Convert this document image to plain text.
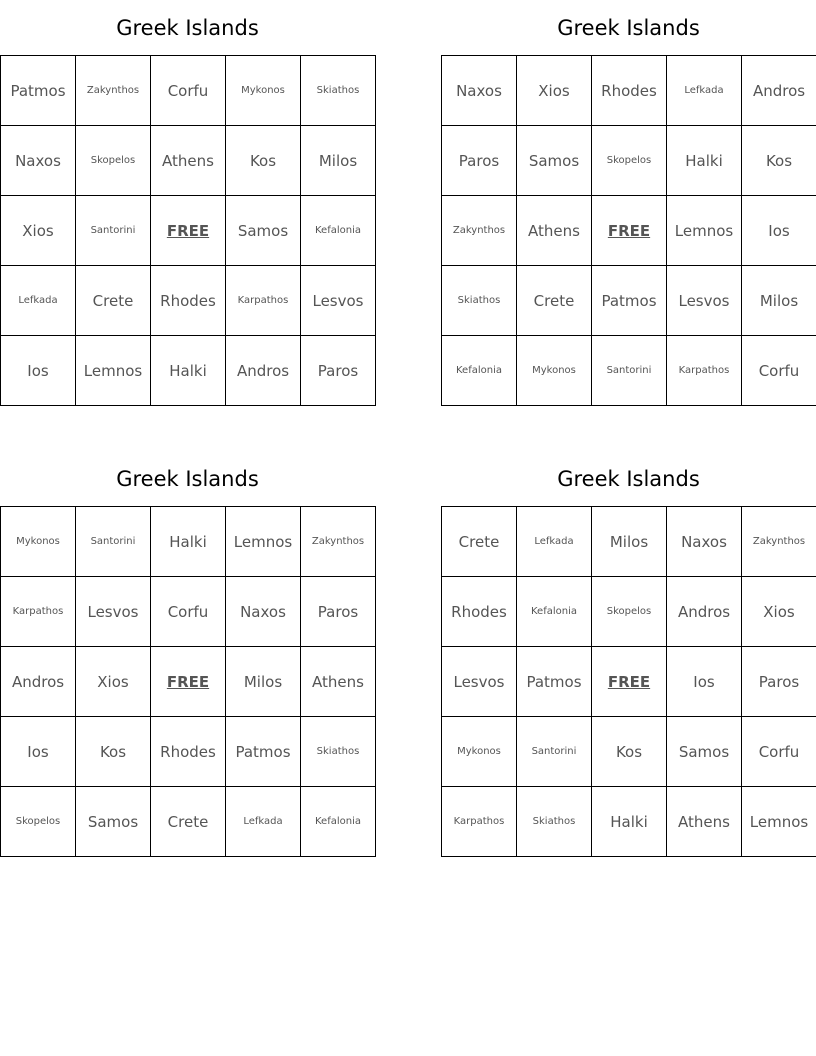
Greek Islands
Patmos	Zakynthos	Corfu	Mykonos	Skiathos
Naxos	Skopelos	Athens	Kos	Milos
Xios	Santorini	FREE	Samos	Kefalonia
Lefkada	Crete	Rhodes	Karpathos	Lesvos
Ios	Lemnos	Halki	Andros	Paros
Greek Islands
Naxos	Xios	Rhodes	Lefkada	Andros
Paros	Samos	Skopelos	Halki	Kos
Zakynthos	Athens	FREE	Lemnos	Ios
Skiathos	Crete	Patmos	Lesvos	Milos
Kefalonia	Mykonos	Santorini	Karpathos	Corfu
Greek Islands
Mykonos	Santorini	Halki	Lemnos	Zakynthos
Karpathos	Lesvos	Corfu	Naxos	Paros
Andros	Xios	FREE	Milos	Athens
Ios	Kos	Rhodes	Patmos	Skiathos
Skopelos	Samos	Crete	Lefkada	Kefalonia
Greek Islands
Crete	Lefkada	Milos	Naxos	Zakynthos
Rhodes	Kefalonia	Skopelos	Andros	Xios
Lesvos	Patmos	FREE	Ios	Paros
Mykonos	Santorini	Kos	Samos	Corfu
Karpathos	Skiathos	Halki	Athens	Lemnos
